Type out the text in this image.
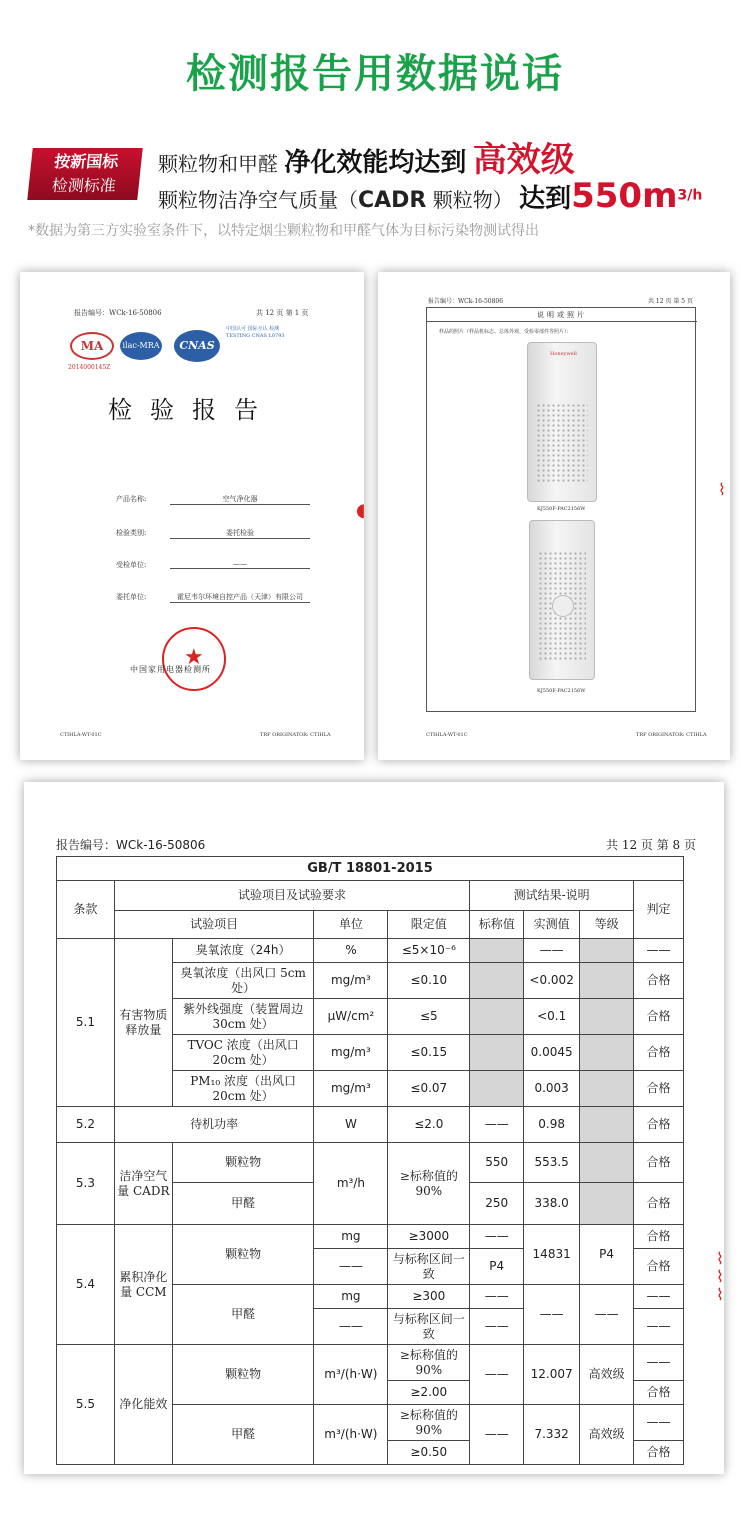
检测报告用数据说话
按新国标
检测标准
颗粒物和甲醛 净化效能均达到 高效级
颗粒物洁净空气质量（CADR 颗粒物） 达到$550m^{3/h}$
*数据为第三方实验室条件下，以特定烟尘颗粒物和甲醛气体为目标污染物测试得出
报告编号：WCk-16-50806	共 12 页 第 1 页
MA
2014000145Z
ilac-MRA	CNAS
中国认可 国际互认 检测 TESTING CNAS L0793
检验报告
产品名称:	空气净化器
检验类别:	委托检验
受检单位:	——
委托单位:	霍尼韦尔环境自控产品（天津）有限公司
★
中国家用电器检测所
CTIHLA-WT-01C	TRF ORIGINATOR: CTIHLA
◖
报告编号：WCk-16-50806	共 12 页 第 5 页
说明或照片
样品的照片（样品机标志、总体外观、受检零部件等照片）：
Honeywell
KJ550F-PAC2156W
KJ550F-PAC2156W
CTIHLA-WT-01C	TRF ORIGINATOR: CTIHLA
⌇
报告编号：WCk-16-50806	共 12 页 第 8 页
GB/T 18801-2015								
条款	试验项目及试验要求				测试结果-说明			判定
	试验项目		单位	限定值	标称值	实测值	等级	
5.1	有害物质释放量	臭氧浓度（24h）	%	≤5×10⁻⁶		——		——
		臭氧浓度（出风口 5cm 处）	mg/m³	≤0.10		<0.002		合格
		紫外线强度（装置周边 30cm 处）	μW/cm²	≤5		<0.1		合格
		TVOC 浓度（出风口 20cm 处）	mg/m³	≤0.15		0.0045		合格
		PM₁₀ 浓度（出风口 20cm 处）	mg/m³	≤0.07		0.003		合格
5.2	待机功率		W	≤2.0	——	0.98		合格
5.3	洁净空气量 CADR	颗粒物	m³/h	≥标称值的 90%	550	553.5		合格
		甲醛			250	338.0		合格
5.4	累积净化量 CCM	颗粒物	mg	≥3000	——	14831	P4	合格
			——	与标称区间一致	P4			合格
		甲醛	mg	≥300	——	——	——	——
			——	与标称区间一致	——			——
5.5	净化能效	颗粒物	m³/(h·W)	≥标称值的 90%	——	12.007	高效级	——
				≥2.00				合格
		甲醛	m³/(h·W)	≥标称值的 90%	——	7.332	高效级	——
				≥0.50				合格
⌇
⌇
⌇
